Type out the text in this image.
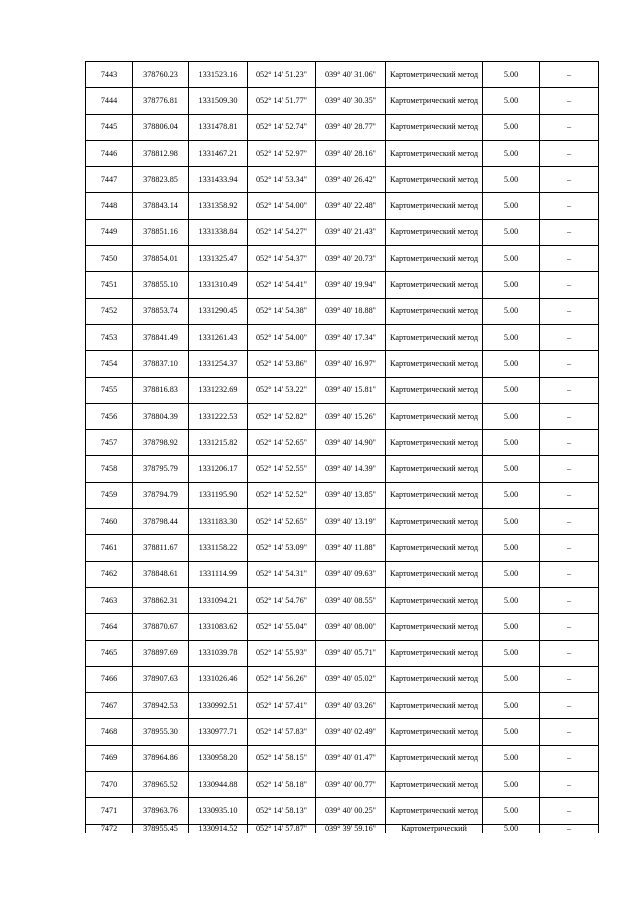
7443	378760.23	1331523.16	052° 14' 51.23"	039° 40' 31.06"	Картометрический метод	5.00	–
7444	378776.81	1331509.30	052° 14' 51.77"	039° 40' 30.35"	Картометрический метод	5.00	–
7445	378806.04	1331478.81	052° 14' 52.74"	039° 40' 28.77"	Картометрический метод	5.00	–
7446	378812.98	1331467.21	052° 14' 52.97"	039° 40' 28.16"	Картометрический метод	5.00	–
7447	378823.85	1331433.94	052° 14' 53.34"	039° 40' 26.42"	Картометрический метод	5.00	–
7448	378843.14	1331358.92	052° 14' 54.00"	039° 40' 22.48"	Картометрический метод	5.00	–
7449	378851.16	1331338.84	052° 14' 54.27"	039° 40' 21.43"	Картометрический метод	5.00	–
7450	378854.01	1331325.47	052° 14' 54.37"	039° 40' 20.73"	Картометрический метод	5.00	–
7451	378855.10	1331310.49	052° 14' 54.41"	039° 40' 19.94"	Картометрический метод	5.00	–
7452	378853.74	1331290.45	052° 14' 54.38"	039° 40' 18.88"	Картометрический метод	5.00	–
7453	378841.49	1331261.43	052° 14' 54.00"	039° 40' 17.34"	Картометрический метод	5.00	–
7454	378837.10	1331254.37	052° 14' 53.86"	039° 40' 16.97"	Картометрический метод	5.00	–
7455	378816.83	1331232.69	052° 14' 53.22"	039° 40' 15.81"	Картометрический метод	5.00	–
7456	378804.39	1331222.53	052° 14' 52.82"	039° 40' 15.26"	Картометрический метод	5.00	–
7457	378798.92	1331215.82	052° 14' 52.65"	039° 40' 14.90"	Картометрический метод	5.00	–
7458	378795.79	1331206.17	052° 14' 52.55"	039° 40' 14.39"	Картометрический метод	5.00	–
7459	378794.79	1331195.90	052° 14' 52.52"	039° 40' 13.85"	Картометрический метод	5.00	–
7460	378798.44	1331183.30	052° 14' 52.65"	039° 40' 13.19"	Картометрический метод	5.00	–
7461	378811.67	1331158.22	052° 14' 53.09"	039° 40' 11.88"	Картометрический метод	5.00	–
7462	378848.61	1331114.99	052° 14' 54.31"	039° 40' 09.63"	Картометрический метод	5.00	–
7463	378862.31	1331094.21	052° 14' 54.76"	039° 40' 08.55"	Картометрический метод	5.00	–
7464	378870.67	1331083.62	052° 14' 55.04"	039° 40' 08.00"	Картометрический метод	5.00	–
7465	378897.69	1331039.78	052° 14' 55.93"	039° 40' 05.71"	Картометрический метод	5.00	–
7466	378907.63	1331026.46	052° 14' 56.26"	039° 40' 05.02"	Картометрический метод	5.00	–
7467	378942.53	1330992.51	052° 14' 57.41"	039° 40' 03.26"	Картометрический метод	5.00	–
7468	378955.30	1330977.71	052° 14' 57.83"	039° 40' 02.49"	Картометрический метод	5.00	–
7469	378964.86	1330958.20	052° 14' 58.15"	039° 40' 01.47"	Картометрический метод	5.00	–
7470	378965.52	1330944.88	052° 14' 58.18"	039° 40' 00.77"	Картометрический метод	5.00	–
7471	378963.76	1330935.10	052° 14' 58.13"	039° 40' 00.25"	Картометрический метод	5.00	–

7472	378955.45	1330914.52	052° 14' 57.87"	039° 39' 59.16"	Картометрический	5.00	–
